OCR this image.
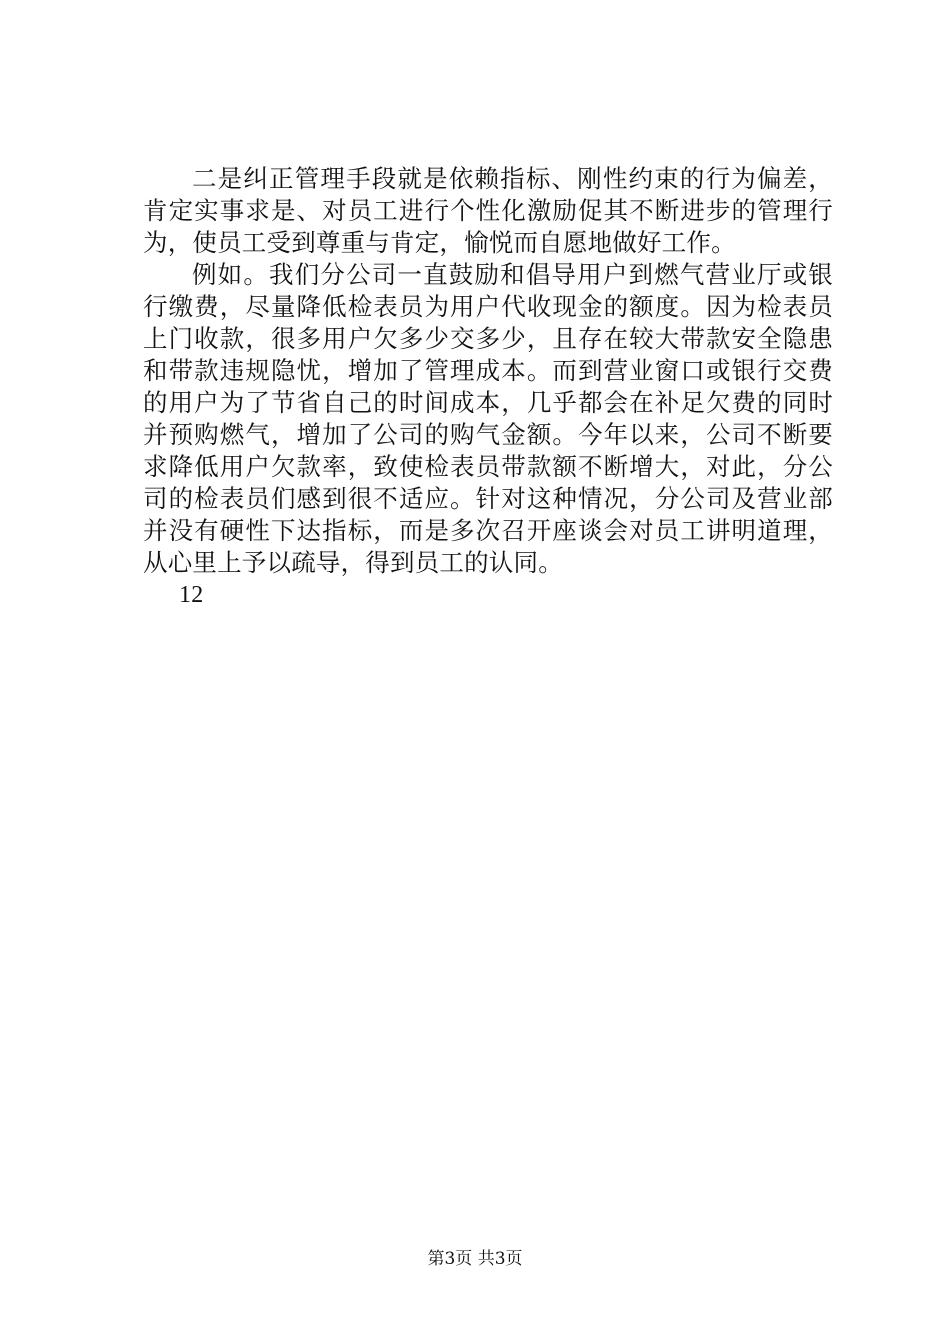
二是纠正管理手段就是依赖指标、刚性约束的行为偏差，肯定实事求是、对员工进行个性化激励促其不断进步的管理行为，使员工受到尊重与肯定，愉悦而自愿地做好工作。

例如。我们分公司一直鼓励和倡导用户到燃气营业厅或银行缴费，尽量降低检表员为用户代收现金的额度。因为检表员上门收款，很多用户欠多少交多少，且存在较大带款安全隐患和带款违规隐忧，增加了管理成本。而到营业窗口或银行交费的用户为了节省自己的时间成本，几乎都会在补足欠费的同时并预购燃气，增加了公司的购气金额。今年以来，公司不断要求降低用户欠款率，致使检表员带款额不断增大，对此，分公司的检表员们感到很不适应。针对这种情况，分公司及营业部并没有硬性下达指标，而是多次召开座谈会对员工讲明道理，从心里上予以疏导，得到员工的认同。

12

第3页 共3页
